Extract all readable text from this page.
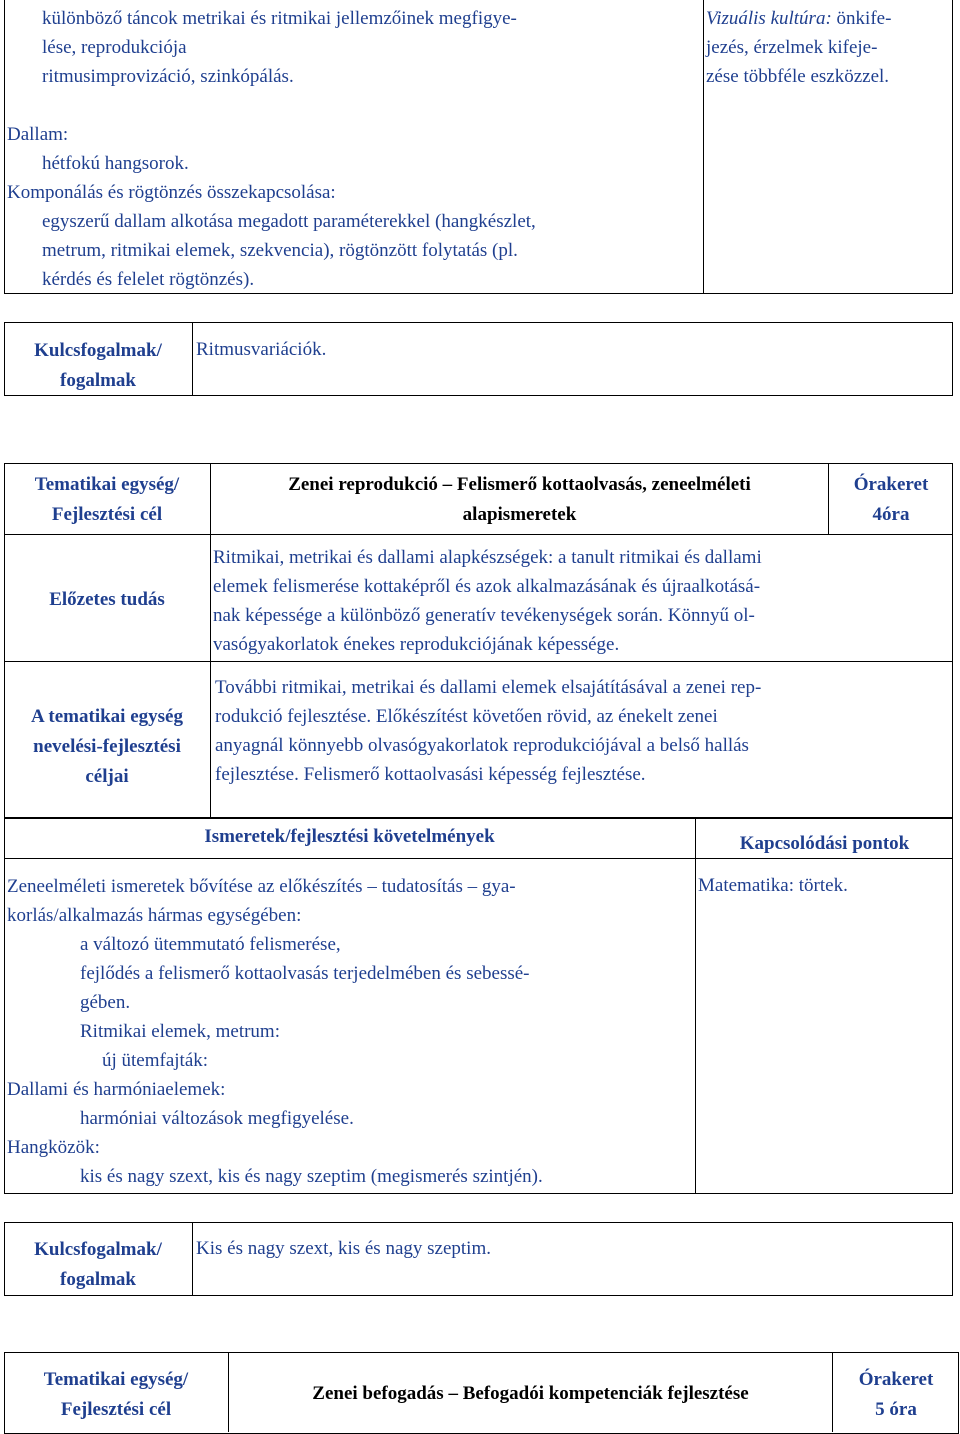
különböző táncok metrikai és ritmikai jellemzőinek megfigye-
lése, reprodukciója
ritmusimprovizáció, szinkópálás.
Vizuális kultúra: önkife-
jezés, érzelmek kifeje-
zése többféle eszközzel.
Dallam:
hétfokú hangsorok.
Komponálás és rögtönzés összekapcsolása:
egyszerű dallam alkotása megadott paraméterekkel (hangkészlet,
metrum, ritmikai elemek, szekvencia), rögtönzött folytatás (pl.
kérdés és felelet rögtönzés).
Kulcsfogalmak/
fogalmak
Ritmusvariációk.
Tematikai egység/
Fejlesztési cél
Zenei reprodukció – Felismerő kottaolvasás, zeneelméleti
alapismeretek
Órakeret
4óra
Előzetes tudás
Ritmikai, metrikai és dallami alapkészségek: a tanult ritmikai és dallami
elemek felismerése kottaképről és azok alkalmazásának és újraalkotásá-
nak képessége a különböző generatív tevékenységek során. Könnyű ol-
vasógyakorlatok énekes reprodukciójának képessége.
A tematikai egység
nevelési-fejlesztési
céljai
További ritmikai, metrikai és dallami elemek elsajátításával a zenei rep-
rodukció fejlesztése. Előkészítést követően rövid, az énekelt zenei
anyagnál könnyebb olvasógyakorlatok reprodukciójával a belső hallás
fejlesztése. Felismerő kottaolvasási képesség fejlesztése.
Ismeretek/fejlesztési követelmények	Kapcsolódási pontok
Zeneelméleti ismeretek bővítése az előkészítés – tudatosítás – gya-
korlás/alkalmazás hármas egységében:
a változó ütemmutató felismerése,
fejlődés a felismerő kottaolvasás terjedelmében és sebessé-
gében.
Ritmikai elemek, metrum:
új ütemfajták:
Dallami és harmóniaelemek:
harmóniai változások megfigyelése.
Hangközök:
kis és nagy szext, kis és nagy szeptim (megismerés szintjén).
Matematika: törtek.
Kulcsfogalmak/
fogalmak
Kis és nagy szext, kis és nagy szeptim.
Tematikai egység/
Fejlesztési cél
Zenei befogadás – Befogadói kompetenciák fejlesztése
Órakeret
5 óra
